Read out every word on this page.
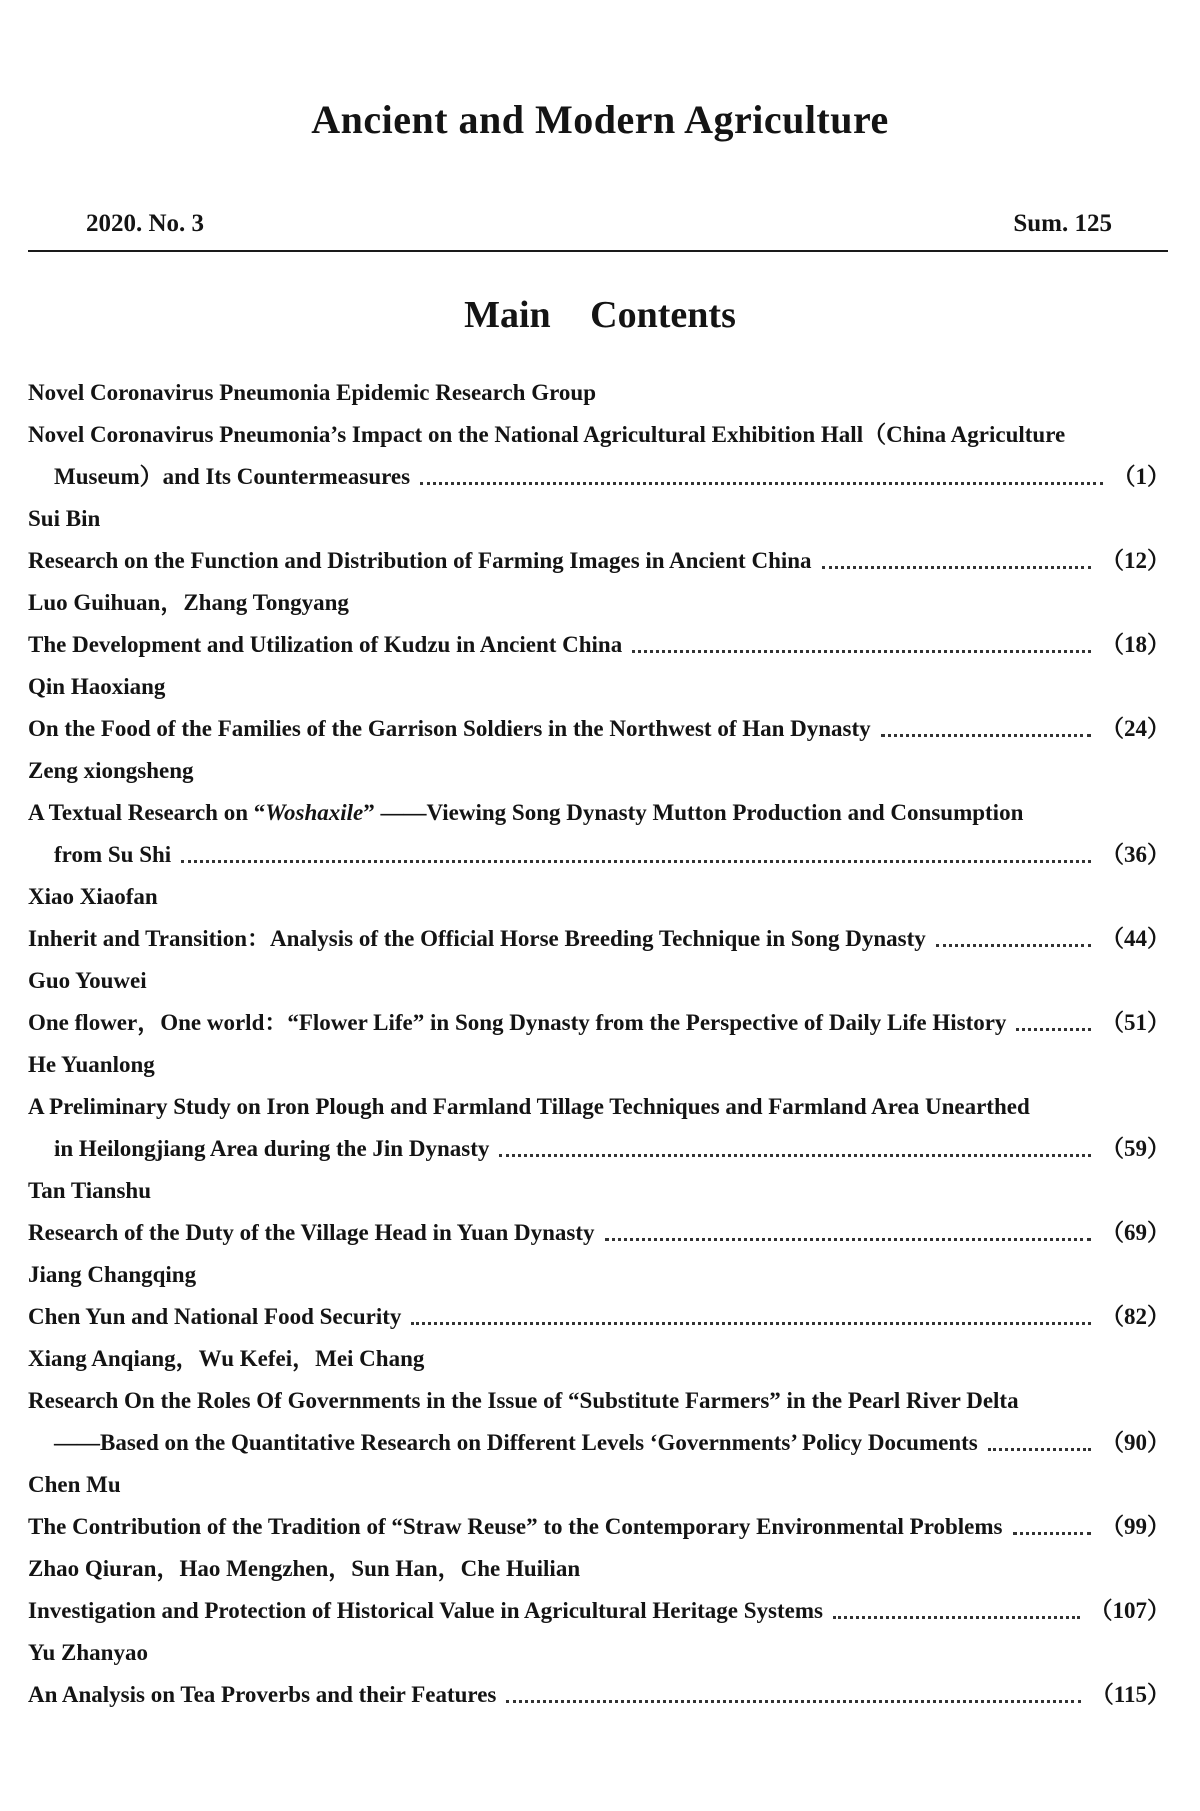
Ancient and Modern Agriculture
2020. No. 3	Sum. 125
Main Contents
Novel Coronavirus Pneumonia Epidemic Research Group
Novel Coronavirus Pneumonia’s Impact on the National Agricultural Exhibition Hall（China Agriculture
Museum）and Its Countermeasures	（1）
Sui Bin
Research on the Function and Distribution of Farming Images in Ancient China	（12）
Luo Guihuan，Zhang Tongyang
The Development and Utilization of Kudzu in Ancient China	（18）
Qin Haoxiang
On the Food of the Families of the Garrison Soldiers in the Northwest of Han Dynasty	（24）
Zeng xiongsheng
A Textual Research on “Woshaxile” ——Viewing Song Dynasty Mutton Production and Consumption
from Su Shi	（36）
Xiao Xiaofan
Inherit and Transition：Analysis of the Official Horse Breeding Technique in Song Dynasty	（44）
Guo Youwei
One flower，One world：“Flower Life” in Song Dynasty from the Perspective of Daily Life History	（51）
He Yuanlong
A Preliminary Study on Iron Plough and Farmland Tillage Techniques and Farmland Area Unearthed
in Heilongjiang Area during the Jin Dynasty	（59）
Tan Tianshu
Research of the Duty of the Village Head in Yuan Dynasty	（69）
Jiang Changqing
Chen Yun and National Food Security	（82）
Xiang Anqiang，Wu Kefei，Mei Chang
Research On the Roles Of Governments in the Issue of “Substitute Farmers” in the Pearl River Delta
——Based on the Quantitative Research on Different Levels ‘Governments’ Policy Documents	（90）
Chen Mu
The Contribution of the Tradition of “Straw Reuse” to the Contemporary Environmental Problems	（99）
Zhao Qiuran，Hao Mengzhen，Sun Han，Che Huilian
Investigation and Protection of Historical Value in Agricultural Heritage Systems	（107）
Yu Zhanyao
An Analysis on Tea Proverbs and their Features	（115）
